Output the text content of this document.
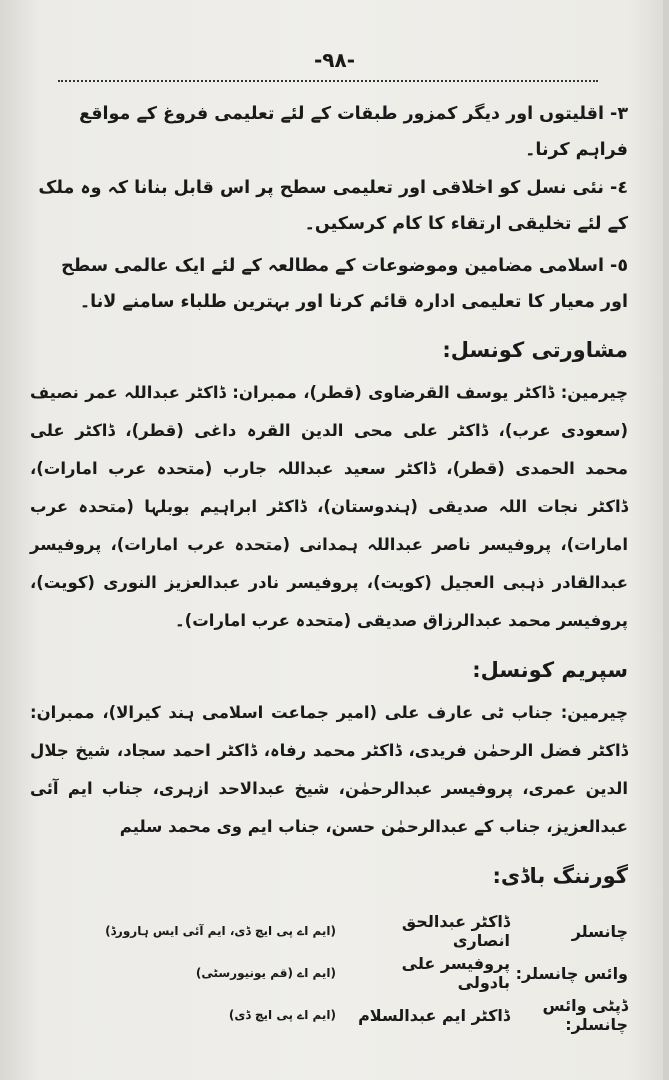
-٩٨-

٣- اقلیتوں اور دیگر کمزور طبقات کے لئے تعلیمی فروغ کے مواقع فراہم کرنا۔

٤- نئی نسل کو اخلاقی اور تعلیمی سطح پر اس قابل بنانا کہ وہ ملک کے لئے تخلیقی ارتقاء کا کام کرسکیں۔

٥- اسلامی مضامین وموضوعات کے مطالعہ کے لئے ایک عالمی سطح اور معیار کا تعلیمی ادارہ قائم کرنا اور بہترین طلباء سامنے لانا۔

مشاورتی کونسل:
چیرمین: ڈاکٹر یوسف القرضاوی (قطر)، ممبران: ڈاکٹر عبداللہ عمر نصیف (سعودی عرب)، ڈاکٹر علی محی الدین القرہ داغی (قطر)، ڈاکٹر علی محمد الحمدی (قطر)، ڈاکٹر سعید عبداللہ جارب (متحدہ عرب امارات)، ڈاکٹر نجات اللہ صدیقی (ہندوستان)، ڈاکٹر ابراہیم بوبلہا (متحدہ عرب امارات)، پروفیسر ناصر عبداللہ ہمدانی (متحدہ عرب امارات)، پروفیسر عبدالقادر ذہبی العجیل (کویت)، پروفیسر نادر عبدالعزیز النوری (کویت)، پروفیسر محمد عبدالرزاق صدیقی (متحدہ عرب امارات)۔
سپریم کونسل:
چیرمین: جناب ٹی عارف علی (امیر جماعت اسلامی ہند کیرالا)، ممبران: ڈاکٹر فضل الرحمٰن فریدی، ڈاکٹر محمد رفاہ، ڈاکٹر احمد سجاد، شیخ جلال الدین عمری، پروفیسر عبدالرحمٰن، شیخ عبدالاحد ازہری، جناب ایم آئی عبدالعزیز، جناب کے عبدالرحمٰن حسن، جناب ایم وی محمد سلیم
گورننگ باڈی:
چانسلر
ڈاکٹر عبدالحق انصاری
(ایم اے پی ایچ ڈی، ایم آئی ایس ہارورڈ)
وائس چانسلر:
پروفیسر علی بادولی
(ایم اے (قم یونیورسٹی)
ڈپٹی وائس چانسلر:
ڈاکٹر ایم عبدالسلام
(ایم اے پی ایچ ڈی)
